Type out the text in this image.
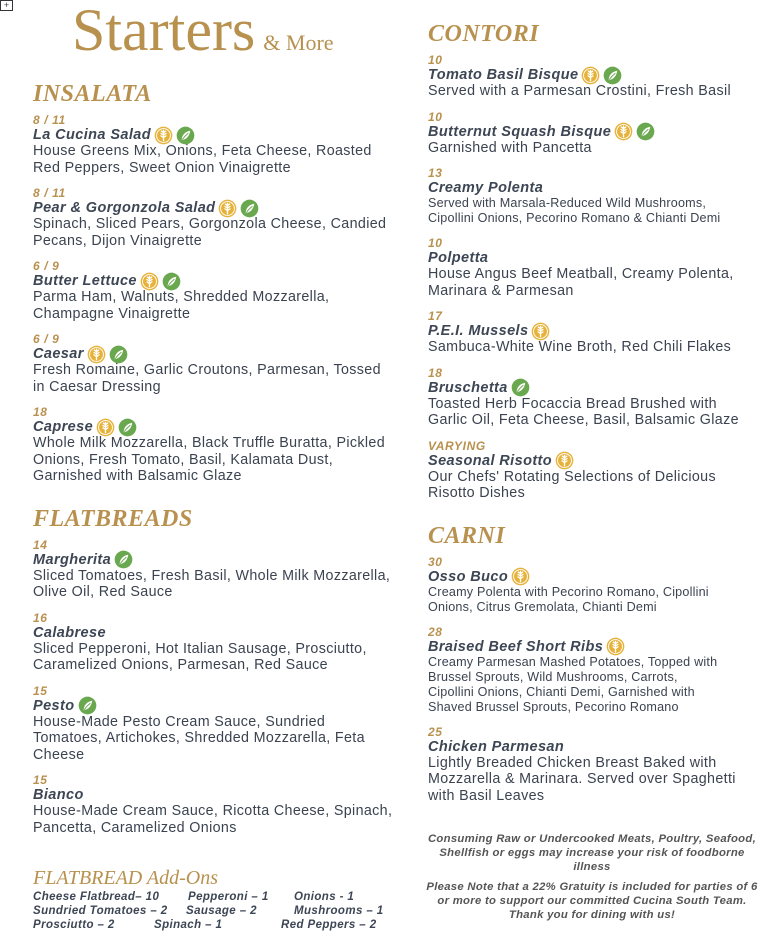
+ Starters & More
INSALATA
8 / 11
La Cucina Salad
House Greens Mix, Onions, Feta Cheese, Roasted
Red Peppers, Sweet Onion Vinaigrette
8 / 11
Pear & Gorgonzola Salad
Spinach, Sliced Pears, Gorgonzola Cheese, Candied
Pecans, Dijon Vinaigrette
6 / 9
Butter Lettuce
Parma Ham, Walnuts, Shredded Mozzarella,
Champagne Vinaigrette
6 / 9
Caesar
Fresh Romaine, Garlic Croutons, Parmesan, Tossed
in Caesar Dressing
18
Caprese
Whole Milk Mozzarella, Black Truffle Buratta, Pickled
Onions, Fresh Tomato, Basil, Kalamata Dust,
Garnished with Balsamic Glaze
FLATBREADS
14
Margherita
Sliced Tomatoes, Fresh Basil, Whole Milk Mozzarella,
Olive Oil, Red Sauce
16
Calabrese
Sliced Pepperoni, Hot Italian Sausage, Prosciutto,
Caramelized Onions, Parmesan, Red Sauce
15
Pesto
House-Made Pesto Cream Sauce, Sundried
Tomatoes, Artichokes, Shredded Mozzarella, Feta
Cheese
15
Bianco
House-Made Cream Sauce, Ricotta Cheese, Spinach,
Pancetta, Caramelized Onions
CONTORI
10
Tomato Basil Bisque
Served with a Parmesan Crostini, Fresh Basil
10
Butternut Squash Bisque
Garnished with Pancetta
13
Creamy Polenta
Served with Marsala-Reduced Wild Mushrooms,
Cipollini Onions, Pecorino Romano & Chianti Demi
10
Polpetta
House Angus Beef Meatball, Creamy Polenta,
Marinara & Parmesan
17
P.E.I. Mussels
Sambuca-White Wine Broth, Red Chili Flakes
18
Bruschetta
Toasted Herb Focaccia Bread Brushed with
Garlic Oil, Feta Cheese, Basil, Balsamic Glaze
VARYING
Seasonal Risotto
Our Chefs' Rotating Selections of Delicious
Risotto Dishes
CARNI
30
Osso Buco
Creamy Polenta with Pecorino Romano, Cipollini
Onions, Citrus Gremolata, Chianti Demi
28
Braised Beef Short Ribs
Creamy Parmesan Mashed Potatoes, Topped with
Brussel Sprouts, Wild Mushrooms, Carrots,
Cipollini Onions, Chianti Demi, Garnished with
Shaved Brussel Sprouts, Pecorino Romano
25
Chicken Parmesan
Lightly Breaded Chicken Breast Baked with
Mozzarella & Marinara. Served over Spaghetti
with Basil Leaves
FLATBREAD Add-Ons
Cheese Flatbread– 10	Pepperoni – 1	Onions - 1
Sundried Tomatoes – 2	Sausage – 2	Mushrooms – 1
Prosciutto – 2	Spinach – 1	Red Peppers – 2

Consuming Raw or Undercooked Meats, Poultry, Seafood, Shellfish or eggs may increase your risk of foodborne illness

Please Note that a 22% Gratuity is included for parties of 6 or more to support our committed Cucina South Team. Thank you for dining with us!
